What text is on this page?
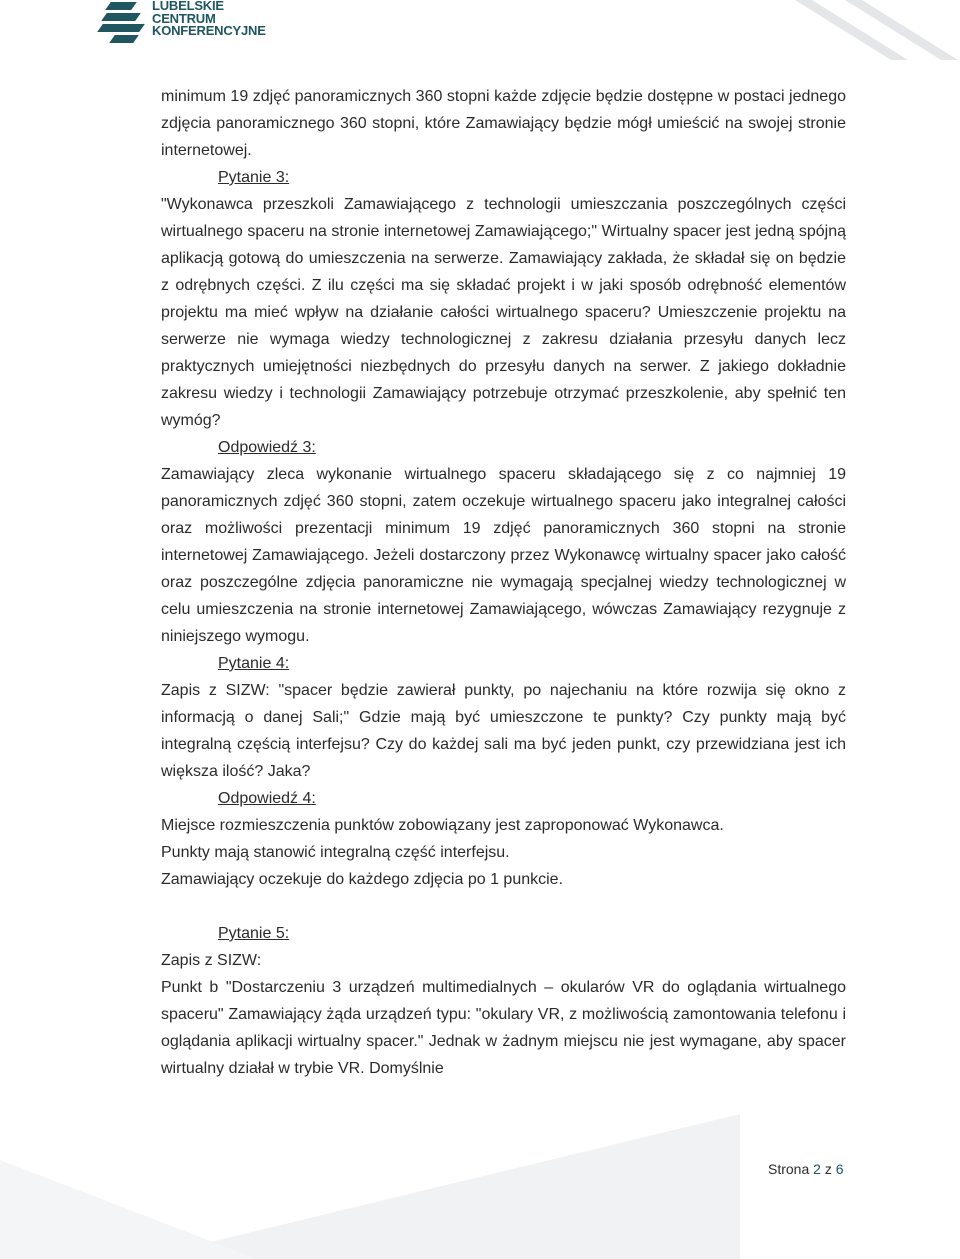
LUBELSKIE
CENTRUM
KONFERENCYJNE

minimum 19 zdjęć panoramicznych 360 stopni każde zdjęcie będzie dostępne w postaci jednego zdjęcia panoramicznego 360 stopni, które Zamawiający będzie mógł umieścić na swojej stronie internetowej.

Pytanie 3:

"Wykonawca przeszkoli Zamawiającego z technologii umieszczania poszczególnych części wirtualnego spaceru na stronie internetowej Zamawiającego;" Wirtualny spacer jest jedną spójną aplikacją gotową do umieszczenia na serwerze. Zamawiający zakłada, że składał się on będzie z odrębnych części. Z ilu części ma się składać projekt i w jaki sposób odrębność elementów projektu ma mieć wpływ na działanie całości wirtualnego spaceru? Umieszczenie projektu na serwerze nie wymaga wiedzy technologicznej z zakresu działania przesyłu danych lecz praktycznych umiejętności niezbędnych do przesyłu danych na serwer. Z jakiego dokładnie zakresu wiedzy i technologii Zamawiający potrzebuje otrzymać przeszkolenie, aby spełnić ten wymóg?

Odpowiedź 3:

Zamawiający zleca wykonanie wirtualnego spaceru składającego się z co najmniej 19 panoramicznych zdjęć 360 stopni, zatem oczekuje wirtualnego spaceru jako integralnej całości oraz możliwości prezentacji minimum 19 zdjęć panoramicznych 360 stopni na stronie internetowej Zamawiającego. Jeżeli dostarczony przez Wykonawcę wirtualny spacer jako całość oraz poszczególne zdjęcia panoramiczne nie wymagają specjalnej wiedzy technologicznej w celu umieszczenia na stronie internetowej Zamawiającego, wówczas Zamawiający rezygnuje z niniejszego wymogu.

Pytanie 4:

Zapis z SIZW: "spacer będzie zawierał punkty, po najechaniu na które rozwija się okno z informacją o danej Sali;" Gdzie mają być umieszczone te punkty? Czy punkty mają być integralną częścią interfejsu? Czy do każdej sali ma być jeden punkt, czy przewidziana jest ich większa ilość? Jaka?

Odpowiedź 4:

Miejsce rozmieszczenia punktów zobowiązany jest zaproponować Wykonawca.

Punkty mają stanowić integralną część interfejsu.

Zamawiający oczekuje do każdego zdjęcia po 1 punkcie.

Pytanie 5:

Zapis z SIZW:

Punkt b "Dostarczeniu 3 urządzeń multimedialnych – okularów VR do oglądania wirtualnego spaceru" Zamawiający żąda urządzeń typu: "okulary VR, z możliwością zamontowania telefonu i oglądania aplikacji wirtualny spacer." Jednak w żadnym miejscu nie jest wymagane, aby spacer wirtualny działał w trybie VR. Domyślnie

Strona 2 z 6
